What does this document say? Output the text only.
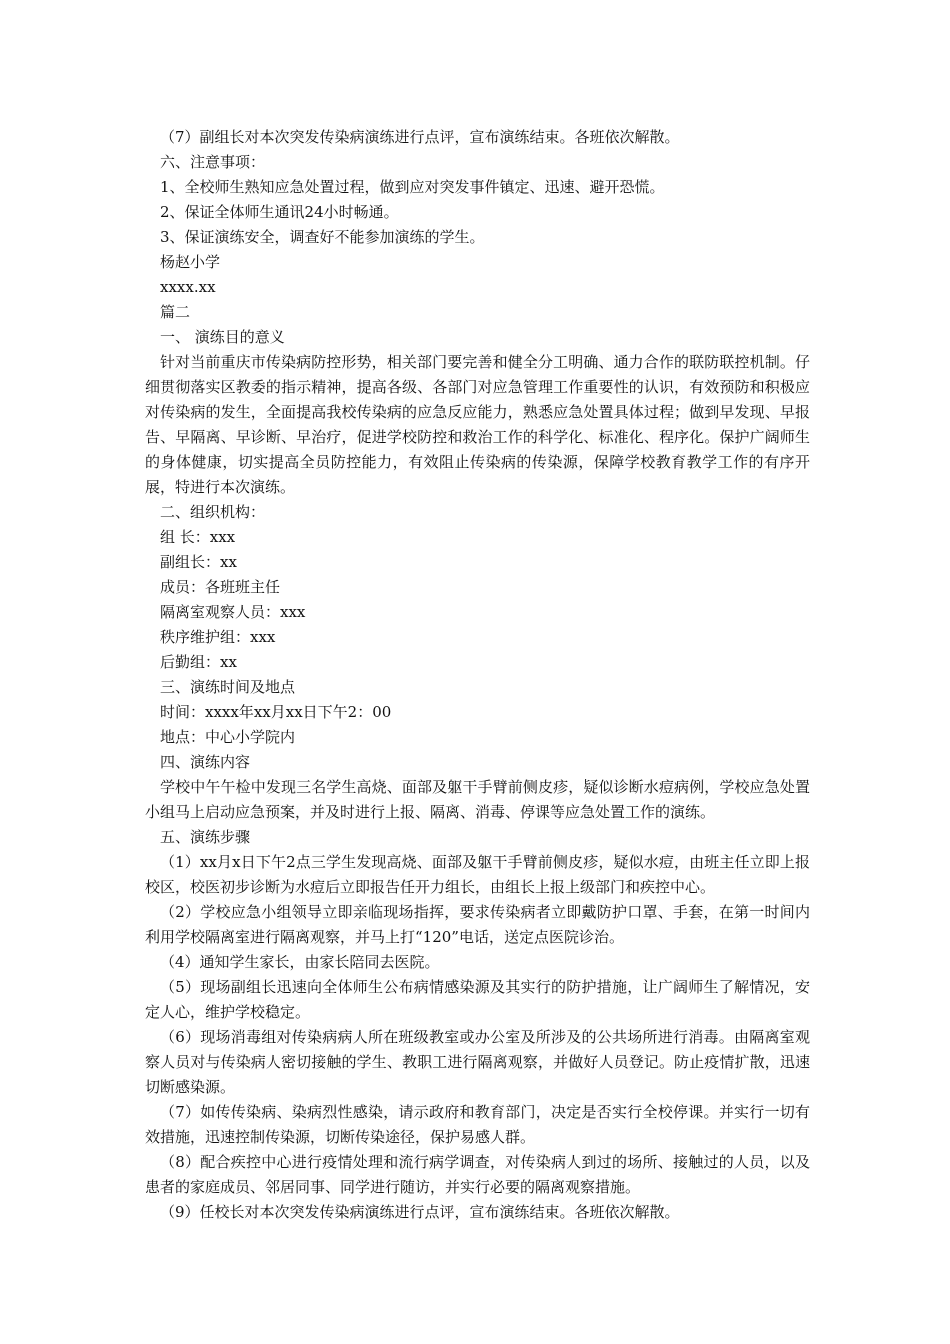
（7）副组长对本次突发传染病演练进行点评，宣布演练结束。各班依次解散。

六、注意事项：

1、全校师生熟知应急处置过程，做到应对突发事件镇定、迅速、避开恐慌。

2、保证全体师生通讯24小时畅通。

3、保证演练安全，调查好不能参加演练的学生。

杨赵小学

xxxx.xx

篇二

一、 演练目的意义

针对当前重庆市传染病防控形势，相关部门要完善和健全分工明确、通力合作的联防联控机制。仔细贯彻落实区教委的指示精神，提高各级、各部门对应急管理工作重要性的认识，有效预防和积极应对传染病的发生，全面提高我校传染病的应急反应能力，熟悉应急处置具体过程；做到早发现、早报告、早隔离、早诊断、早治疗，促进学校防控和救治工作的科学化、标准化、程序化。保护广阔师生的身体健康，切实提高全员防控能力，有效阻止传染病的传染源，保障学校教育教学工作的有序开展，特进行本次演练。

二、组织机构：

组 长：xxx

副组长：xx

成员：各班班主任

隔离室观察人员：xxx

秩序维护组：xxx

后勤组：xx

三、演练时间及地点

时间：xxxx年xx月xx日下午2：00

地点：中心小学院内

四、演练内容

学校中午午检中发现三名学生高烧、面部及躯干手臂前侧皮疹，疑似诊断水痘病例，学校应急处置小组马上启动应急预案，并及时进行上报、隔离、消毒、停课等应急处置工作的演练。

五、演练步骤

（1）xx月x日下午2点三学生发现高烧、面部及躯干手臂前侧皮疹，疑似水痘，由班主任立即上报校区，校医初步诊断为水痘后立即报告任开力组长，由组长上报上级部门和疾控中心。

（2）学校应急小组领导立即亲临现场指挥，要求传染病者立即戴防护口罩、手套，在第一时间内利用学校隔离室进行隔离观察，并马上打“120”电话，送定点医院诊治。

（4）通知学生家长，由家长陪同去医院。

（5）现场副组长迅速向全体师生公布病情感染源及其实行的防护措施，让广阔师生了解情况，安定人心，维护学校稳定。

（6）现场消毒组对传染病病人所在班级教室或办公室及所涉及的公共场所进行消毒。由隔离室观察人员对与传染病人密切接触的学生、教职工进行隔离观察，并做好人员登记。防止疫情扩散，迅速切断感染源。

（7）如传传染病、染病烈性感染，请示政府和教育部门，决定是否实行全校停课。并实行一切有效措施，迅速控制传染源，切断传染途径，保护易感人群。

（8）配合疾控中心进行疫情处理和流行病学调查，对传染病人到过的场所、接触过的人员，以及患者的家庭成员、邻居同事、同学进行随访，并实行必要的隔离观察措施。

（9）任校长对本次突发传染病演练进行点评，宣布演练结束。各班依次解散。
